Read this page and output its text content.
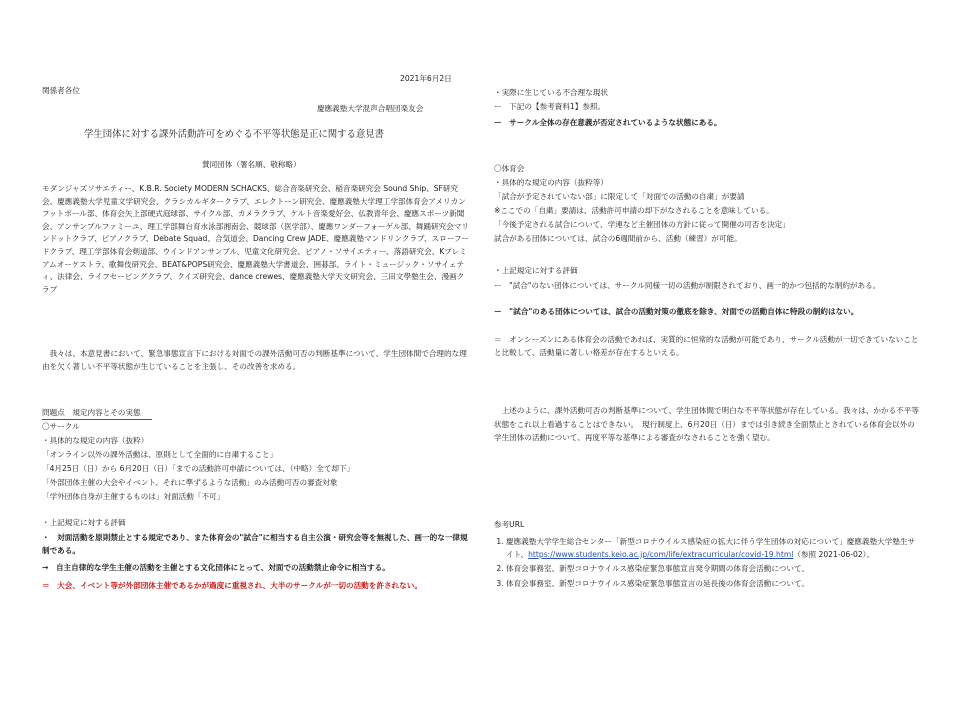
2021年6月2日
関係者各位
慶應義塾大学混声合唱団楽友会
学生団体に対する課外活動許可をめぐる不平等状態是正に関する意見書
賛同団体（署名順、敬称略）
モダンジャズソサエティー、K.B.R. Society MODERN SCHACKS、総合音楽研究会、稲音楽研究会 Sound Ship、SF研究会、慶應義塾大学児童文学研究会、クラシカルギタークラブ、エレクトーン研究会、慶應義塾大学理工学部体育会アメリカンフットボール部、体育会矢上部硬式庭球部、サイクル部、カメラクラブ、ケルト音楽愛好会、仏教青年会、慶應スポーツ新聞会、アンサンブルファミーユ、理工学部舞台育水泳部湘南会、競球部（医学部）、慶應ワンダーフォーゲル部、舞踊研究会マリンドットクラブ、ピアノクラブ、Debate Squad、合気道会、Dancing Crew JADE、慶應義塾マンドリンクラブ、スローフードクラブ、理工学部体育会剣道部、ウインドアンサンブル、児童文化研究会、ピアノ・ソサイエティー、落語研究会、Kプレミアムオーケストラ、歌舞伎研究会、BEAT&POPS研究会、慶應義塾大学書道会、囲碁部、ライト・ミュージック・ソサイェティ、法律会、ライフセービングクラブ、クイズ研究会、dance crewes、慶應義塾大学天文研究会、三田文學塾生会、漫画クラブ
我々は、本意見書において、緊急事態宣言下における対面での課外活動可否の判断基準について、学生団体間で合理的な理由を欠く著しい不平等状態が生じていることを主張し、その改善を求める。
問題点　規定内容とその実態
〇サークル
・具体的な規定の内容（抜粋）
「オンライン以外の課外活動は、原則として全面的に自粛すること」
「4月25日（日）から 6月20日（日）「までの活動許可申請については、（中略）全て却下」
「外部団体主催の大会やイベント、それに準ずるような活動」のみ活動可否の審査対象
「学外団体自身が主催するものは」対面活動「不可」
・上記規定に対する評価
・　対面活動を原則禁止とする規定であり、また体育会の"試合"に相当する自主公演・研究会等を無視した、画一的な一律規制である。
→　自主自律的な学生主催の活動を主催とする文化団体にとって、対面での活動禁止命令に相当する。
＝　大会、イベント等が外部団体主催であるかが過度に重視され、大半のサークルが一切の活動を許されない。
・実際に生じている不合理な現状
ー　下記の【参考資料1】参照。
ー　サークル全体の存在意義が否定されているような状態にある。
〇体育会
・具体的な規定の内容（抜粋等）
「試合が予定されていない部」に限定して「対面での活動の自粛」が要請
※ここでの「自粛」要請は、活動許可申請の却下がなされることを意味している。
「今後予定される試合について、学連など主催団体の方針に従って開催の可否を決定」
試合がある団体については、試合の6週間前から、活動（練習）が可能。
・上記規定に対する評価
ー　"試合"のない団体については、サークル同様一切の活動が制限されており、画一的かつ包括的な制約がある。
ー　"試合"のある団体については、試合の活動対策の徹底を除き、対面での活動自体に特段の制約はない。
＝　オンシーズンにある体育会の活動であれば、実質的に恒常的な活動が可能であり、サークル活動が一切できていないことと比較して、活動量に著しい格差が存在するといえる。
上述のように、課外活動可否の判断基準について、学生団体間で明白な不平等状態が存在している。我々は、かかる不平等状態をこれ以上看過することはできない。　現行制度上、6月20日（日）までは引き続き全面禁止とされている体育会以外の学生団体の活動について、再度平等な基準による審査がなされることを強く望む。
参考URL
1. 慶應義塾大学学生総合センター「新型コロナウイルス感染症の拡大に伴う学生団体の対応について」慶應義塾大学塾生サイト、https://www.students.keio.ac.jp/com/life/extracurricular/covid-19.html（参照 2021-06-02）。
2. 体育会事務室、新型コロナウイルス感染症緊急事態宣言発令期間の体育会活動について、
3. 体育会事務室、新型コロナウイルス感染症緊急事態宣言の延長後の体育会活動について。
